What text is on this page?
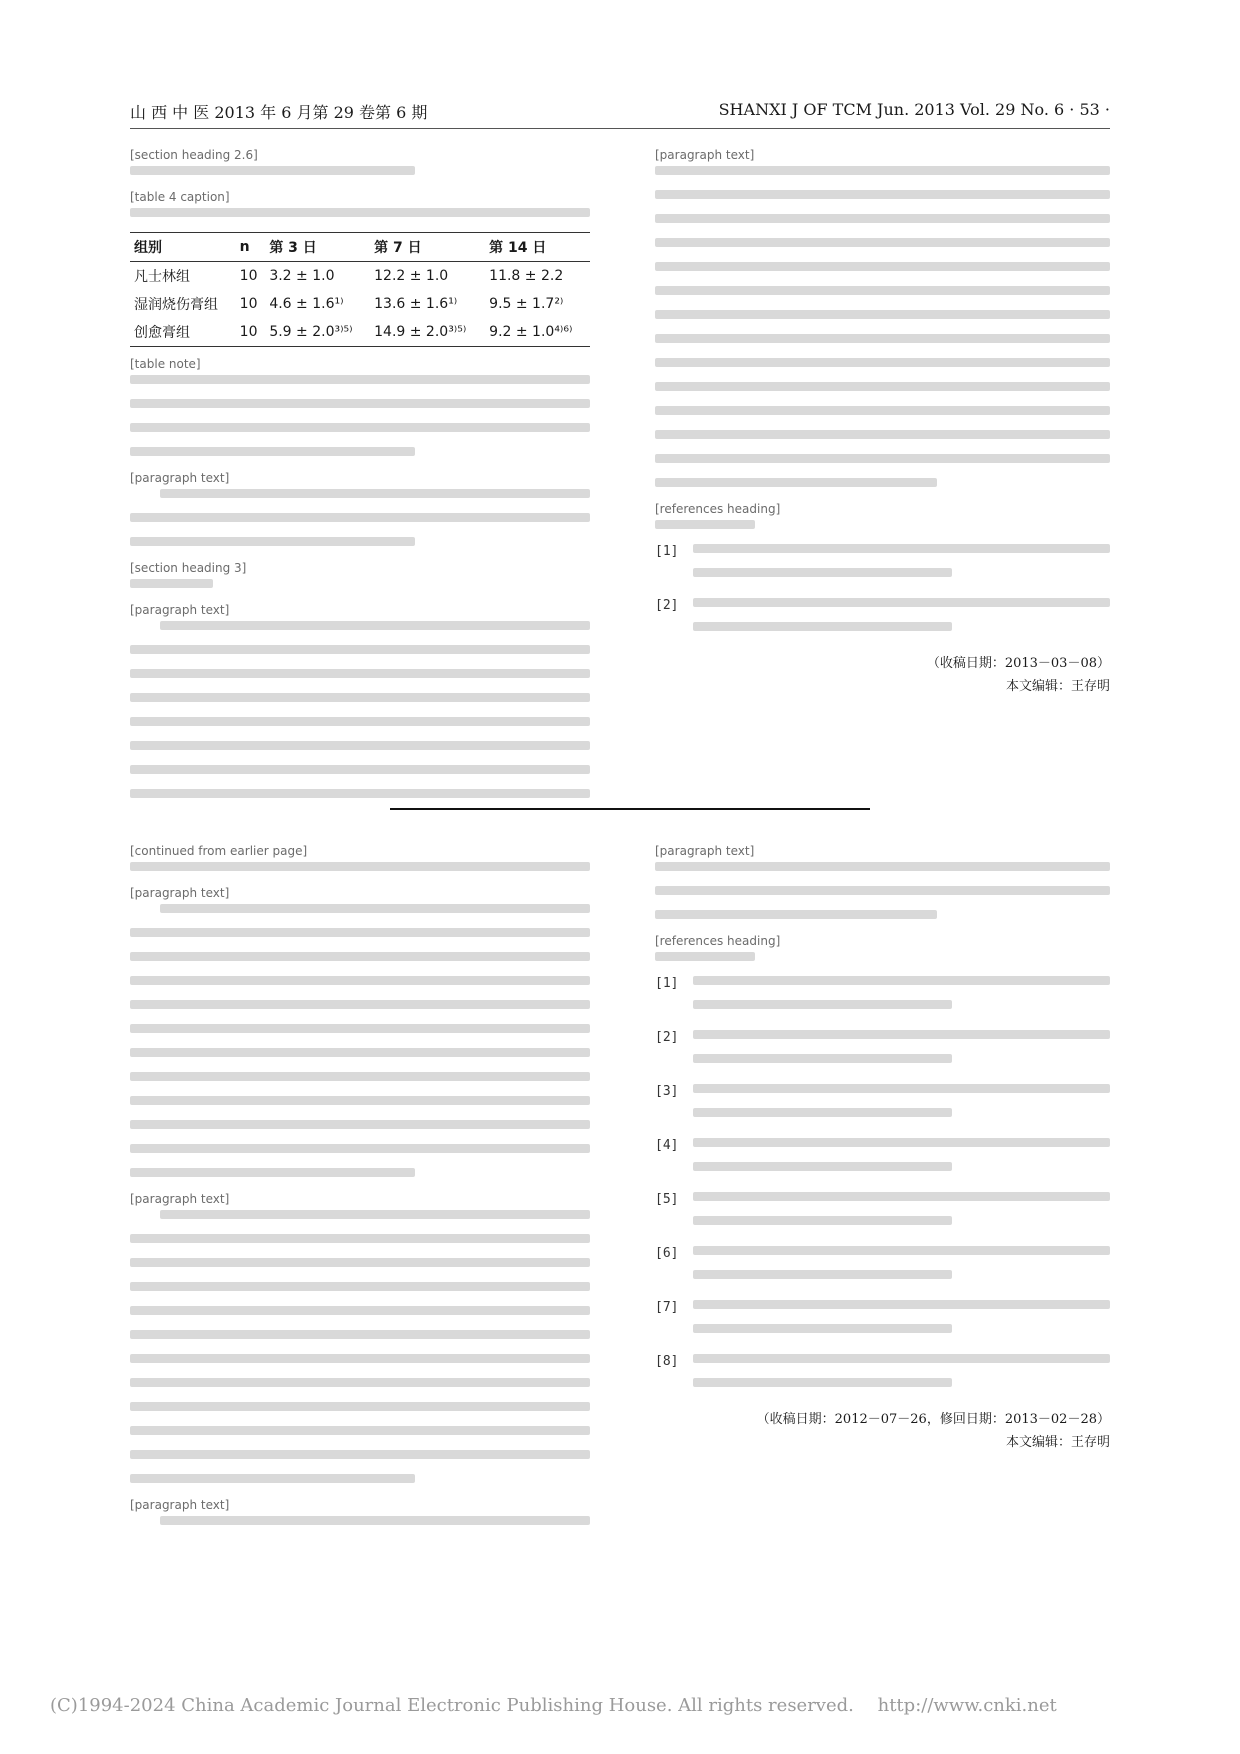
山 西 中 医 2013 年 6 月第 29 卷第 6 期	SHANXI J OF TCM Jun. 2013 Vol. 29 No. 6 · 53 ·
[section heading 2.6]
[table 4 caption]
组别	n	第 3 日	第 7 日	第 14 日
凡士林组	10	3.2 ± 1.0	12.2 ± 1.0	11.8 ± 2.2
湿润烧伤膏组	10	4.6 ± 1.6¹⁾	13.6 ± 1.6¹⁾	9.5 ± 1.7²⁾
创愈膏组	10	5.9 ± 2.0³⁾⁵⁾	14.9 ± 2.0³⁾⁵⁾	9.2 ± 1.0⁴⁾⁶⁾
[table note]
[paragraph text]
[section heading 3]
[paragraph text]
[paragraph text]
[references heading]
[1]
[2]
（收稿日期：2013－03－08）
本文编辑：王存明
[continued from earlier page]
[paragraph text]
[paragraph text]
[paragraph text]
[paragraph text]
[references heading]
[1]
[2]
[3]
[4]
[5]
[6]
[7]
[8]
（收稿日期：2012－07－26，修回日期：2013－02－28）
本文编辑：王存明
(C)1994-2024 China Academic Journal Electronic Publishing House. All rights reserved. http://www.cnki.net
